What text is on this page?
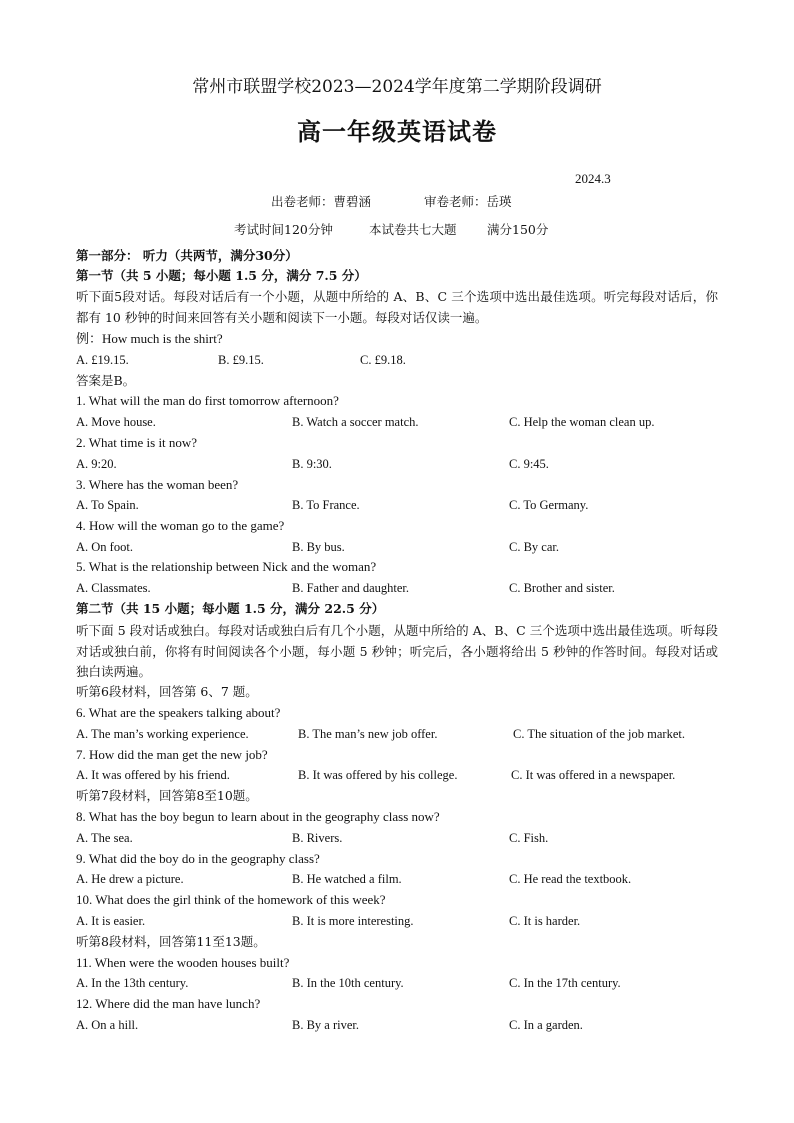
常州市联盟学校2023—2024学年度第二学期阶段调研
高一年级英语试卷
2024.3
出卷老师：曹碧涵	审卷老师：岳瑛
考试时间120分钟	本试卷共七大题 满分150分
第一部分： 听力（共两节，满分30分）
第一节（共 5 小题；每小题 1.5 分，满分 7.5 分）
听下面5段对话。每段对话后有一个小题，从题中所给的 A、B、C 三个选项中选出最佳选项。听完每段对话后，你都有 10 秒钟的时间来回答有关小题和阅读下一小题。每段对话仅读一遍。
例：How much is the shirt?
A. £19.15.	B. £9.15.	C. £9.18.
答案是B。
1. What will the man do first tomorrow afternoon?
A. Move house.	B. Watch a soccer match.	C. Help the woman clean up.
2. What time is it now?
A. 9:20.	B. 9:30.	C. 9:45.
3. Where has the woman been?
A. To Spain.	B. To France.	C. To Germany.
4. How will the woman go to the game?
A. On foot.	B. By bus.	C. By car.
5. What is the relationship between Nick and the woman?
A. Classmates.	B. Father and daughter.	C. Brother and sister.
第二节（共 15 小题；每小题 1.5 分，满分 22.5 分）
听下面 5 段对话或独白。每段对话或独白后有几个小题，从题中所给的 A、B、C 三个选项中选出最佳选项。听每段对话或独白前，你将有时间阅读各个小题，每小题 5 秒钟；听完后，各小题将给出 5 秒钟的作答时间。每段对话或独白读两遍。
听第6段材料，回答第 6、7 题。
6. What are the speakers talking about?
A. The man’s working experience.	B. The man’s new job offer.	C. The situation of the job market.
7. How did the man get the new job?
A. It was offered by his friend.	B. It was offered by his college.	C. It was offered in a newspaper.
听第7段材料，回答第8至10题。
8. What has the boy begun to learn about in the geography class now?
A. The sea.	B. Rivers.	C. Fish.
9. What did the boy do in the geography class?
A. He drew a picture.	B. He watched a film.	C. He read the textbook.
10. What does the girl think of the homework of this week?
A. It is easier.	B. It is more interesting.	C. It is harder.
听第8段材料，回答第11至13题。
11. When were the wooden houses built?
A. In the 13th century.	B. In the 10th century.	C. In the 17th century.
12. Where did the man have lunch?
A. On a hill.	B. By a river.	C. In a garden.
